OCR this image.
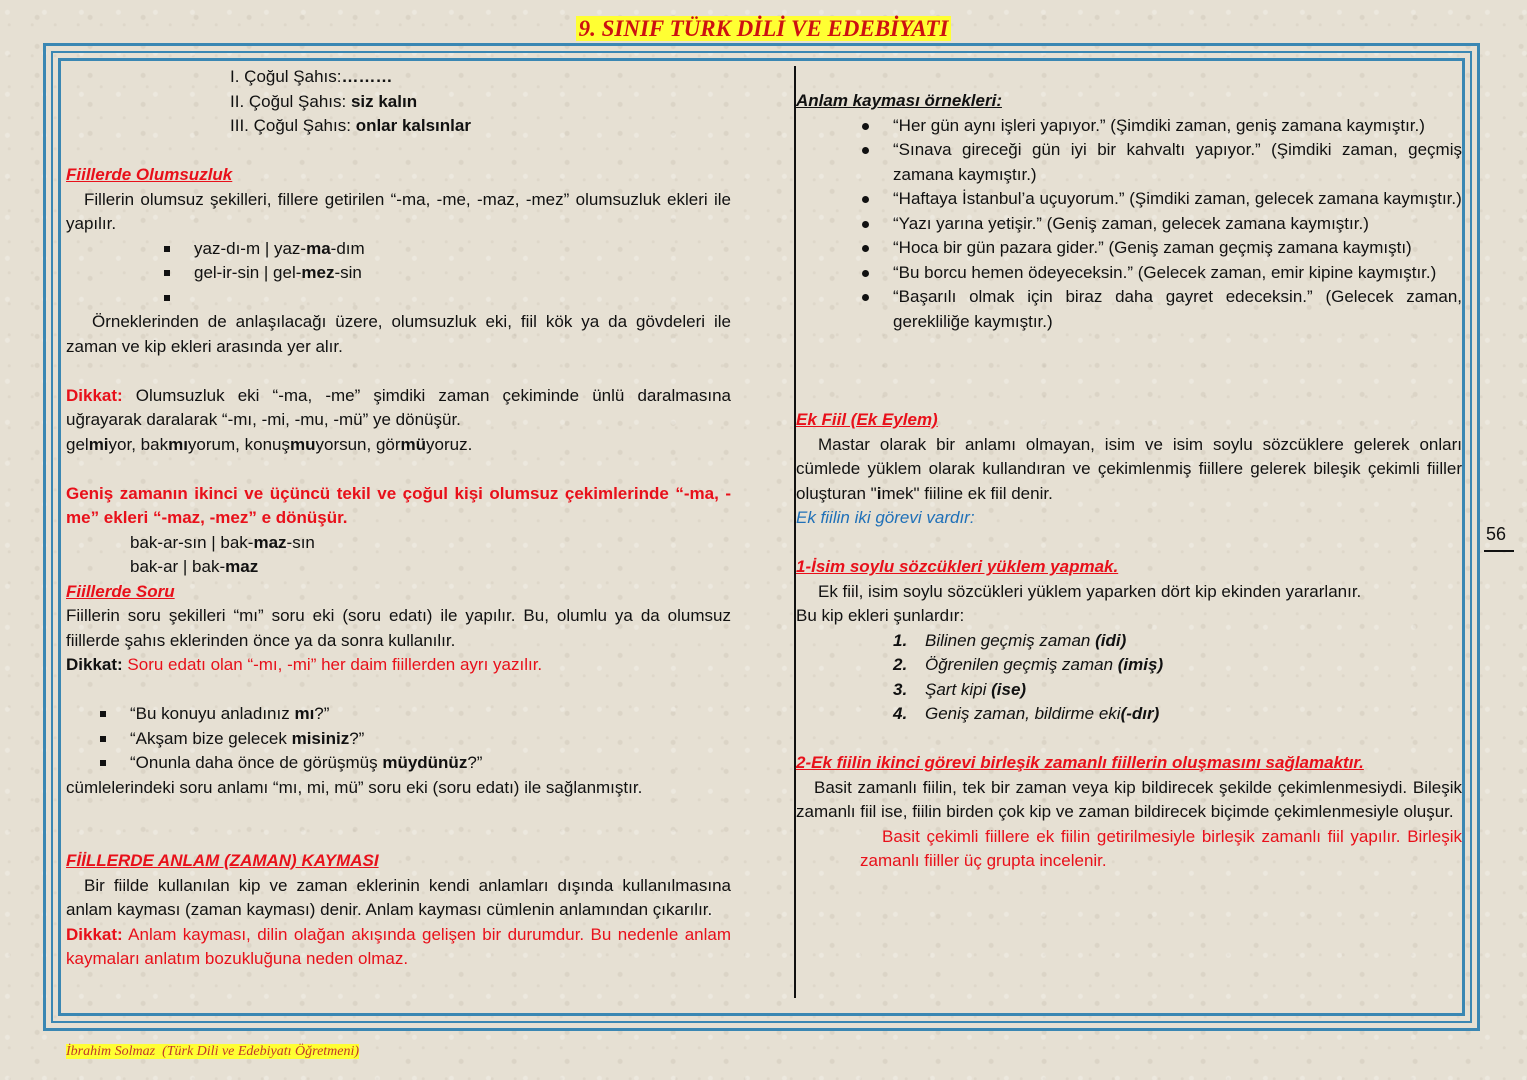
9. SINIF TÜRK DİLİ VE EDEBİYATI

I. Çoğul Şahıs:………

II. Çoğul Şahıs: siz kalın

III. Çoğul Şahıs: onlar kalsınlar

Fiillerde Olumsuzluk

Fillerin olumsuz şekilleri, fillere getirilen “-ma, -me, -maz, -mez” olumsuzluk ekleri ile yapılır.

yaz-dı-m | yaz-ma-dım
gel-ir-sin | gel-mez-sin

Örneklerinden de anlaşılacağı üzere, olumsuzluk eki, fiil kök ya da gövdeleri ile zaman ve kip ekleri arasında yer alır.

Dikkat: Olumsuzluk eki “-ma, -me” şimdiki zaman çekiminde ünlü daralmasına uğrayarak daralarak “-mı, -mi, -mu, -mü” ye dönüşür.

gelmiyor, bakmıyorum, konuşmuyorsun, görmüyoruz.

Geniş zamanın ikinci ve üçüncü tekil ve çoğul kişi olumsuz çekimlerinde “-ma, -me” ekleri “-maz, -mez” e dönüşür.

bak-ar-sın | bak-maz-sın

bak-ar | bak-maz

Fiillerde Soru

Fiillerin soru şekilleri “mı” soru eki (soru edatı) ile yapılır. Bu, olumlu ya da olumsuz fiillerde şahıs eklerinden önce ya da sonra kullanılır.

Dikkat: Soru edatı olan “-mı, -mi” her daim fiillerden ayrı yazılır.

“Bu konuyu anladınız mı?”
“Akşam bize gelecek misiniz?”
“Onunla daha önce de görüşmüş müydünüz?”

cümlelerindeki soru anlamı “mı, mi, mü” soru eki (soru edatı) ile sağlanmıştır.

FİİLLERDE ANLAM (ZAMAN) KAYMASI

Bir fiilde kullanılan kip ve zaman eklerinin kendi anlamları dışında kullanılmasına anlam kayması (zaman kayması) denir. Anlam kayması cümlenin anlamından çıkarılır.

Dikkat: Anlam kayması, dilin olağan akışında gelişen bir durumdur. Bu nedenle anlam kaymaları anlatım bozukluğuna neden olmaz.

Anlam kayması örnekleri:

“Her gün aynı işleri yapıyor.” (Şimdiki zaman, geniş zamana kaymıştır.)
“Sınava gireceği gün iyi bir kahvaltı yapıyor.” (Şimdiki zaman, geçmiş zamana kaymıştır.)
“Haftaya İstanbul’a uçuyorum.” (Şimdiki zaman, gelecek zamana kaymıştır.)
“Yazı yarına yetişir.” (Geniş zaman, gelecek zamana kaymıştır.)
“Hoca bir gün pazara gider.” (Geniş zaman geçmiş zamana kaymıştı)
“Bu borcu hemen ödeyeceksin.” (Gelecek zaman, emir kipine kaymıştır.)
“Başarılı olmak için biraz daha gayret edeceksin.” (Gelecek zaman, gerekliliğe kaymıştır.)

Ek Fiil (Ek Eylem)

Mastar olarak bir anlamı olmayan, isim ve isim soylu sözcüklere gelerek onları cümlede yüklem olarak kullandıran ve çekimlenmiş fiillere gelerek bileşik çekimli fiiller oluşturan "imek" fiiline ek fiil denir.

Ek fiilin iki görevi vardır:

1-İsim soylu sözcükleri yüklem yapmak.

Ek fiil, isim soylu sözcükleri yüklem yaparken dört kip ekinden yararlanır.

Bu kip ekleri şunlardır:

1. Bilinen geçmiş zaman (idi)
2. Öğrenilen geçmiş zaman (imiş)
3. Şart kipi (ise)
4. Geniş zaman, bildirme eki(-dır)

2-Ek fiilin ikinci görevi birleşik zamanlı fiillerin oluşmasını sağlamaktır.

Basit zamanlı fiilin, tek bir zaman veya kip bildirecek şekilde çekimlenmesiydi. Bileşik zamanlı fiil ise, fiilin birden çok kip ve zaman bildirecek biçimde çekimlenmesiyle oluşur.

Basit çekimli fiillere ek fiilin getirilmesiyle birleşik zamanlı fiil yapılır. Birleşik zamanlı fiiller üç grupta incelenir.

56
İbrahim Solmaz (Türk Dili ve Edebiyatı Öğretmeni)
